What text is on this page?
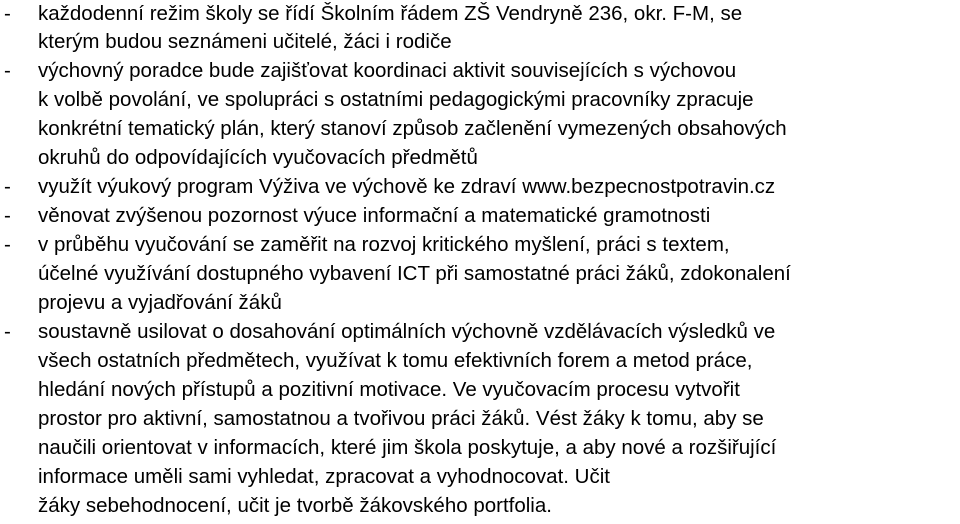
- každodenní režim školy se řídí Školním řádem ZŠ Vendryně 236, okr. F-M, se
kterým budou seznámeni učitelé, žáci i rodiče
- výchovný poradce bude zajišťovat koordinaci aktivit souvisejících s výchovou
k volbě povolání, ve spolupráci s ostatními pedagogickými pracovníky zpracuje
konkrétní tematický plán, který stanoví způsob začlenění vymezených obsahových
okruhů do odpovídajících vyučovacích předmětů
- využít výukový program Výživa ve výchově ke zdraví www.bezpecnostpotravin.cz
- věnovat zvýšenou pozornost výuce informační a matematické gramotnosti
- v průběhu vyučování se zaměřit na rozvoj kritického myšlení, práci s textem,
účelné využívání dostupného vybavení ICT při samostatné práci žáků, zdokonalení
projevu a vyjadřování žáků
- soustavně usilovat o dosahování optimálních výchovně vzdělávacích výsledků ve
všech ostatních předmětech, využívat k tomu efektivních forem a metod práce,
hledání nových přístupů a pozitivní motivace. Ve vyučovacím procesu vytvořit
prostor pro aktivní, samostatnou a tvořivou práci žáků. Vést žáky k tomu, aby se
naučili orientovat v informacích, které jim škola poskytuje, a aby nové a rozšiřující
informace uměli sami vyhledat, zpracovat a vyhodnocovat. Učit
žáky sebehodnocení, učit je tvorbě žákovského portfolia.
